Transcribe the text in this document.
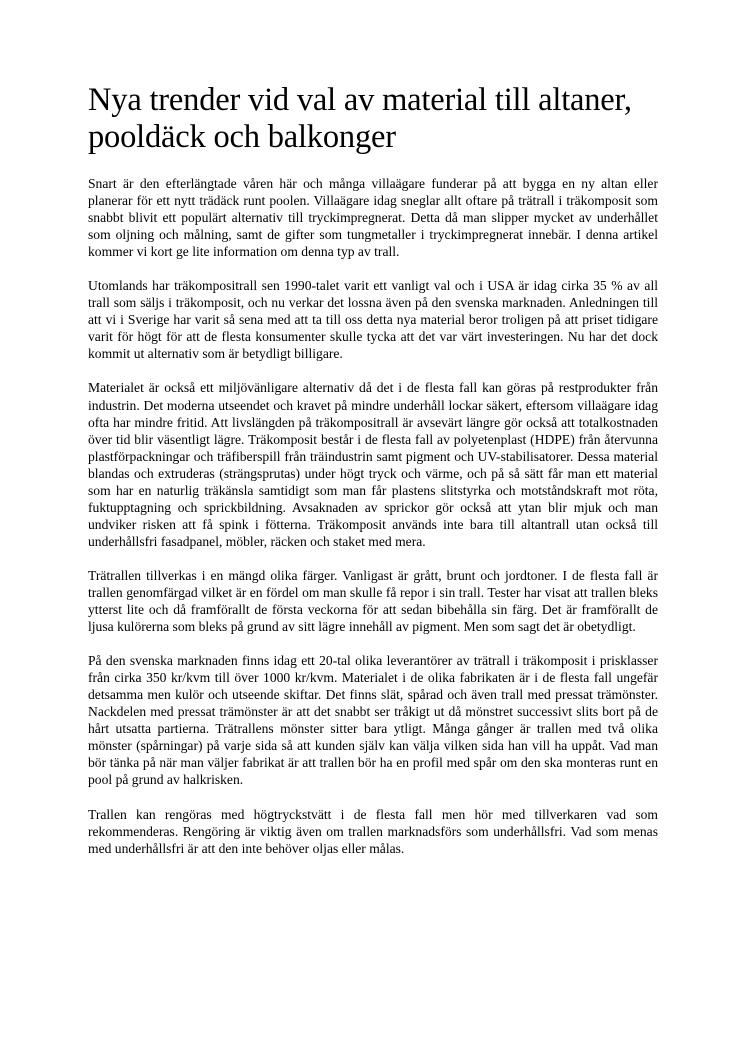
Nya trender vid val av material till altaner, pooldäck och balkonger

Snart är den efterlängtade våren här och många villaägare funderar på att bygga en ny altan eller planerar för ett nytt trädäck runt poolen. Villaägare idag sneglar allt oftare på trätrall i träkomposit som snabbt blivit ett populärt alternativ till tryckimpregnerat. Detta då man slipper mycket av underhållet som oljning och målning, samt de gifter som tungmetaller i tryckimpregnerat innebär. I denna artikel kommer vi kort ge lite information om denna typ av trall.

Utomlands har träkompositrall sen 1990-talet varit ett vanligt val och i USA är idag cirka 35 % av all trall som säljs i träkomposit, och nu verkar det lossna även på den svenska marknaden. Anledningen till att vi i Sverige har varit så sena med att ta till oss detta nya material beror troligen på att priset tidigare varit för högt för att de flesta konsumenter skulle tycka att det var värt investeringen. Nu har det dock kommit ut alternativ som är betydligt billigare.

Materialet är också ett miljövänligare alternativ då det i de flesta fall kan göras på restprodukter från industrin. Det moderna utseendet och kravet på mindre underhåll lockar säkert, eftersom villaägare idag ofta har mindre fritid. Att livslängden på träkompositrall är avsevärt längre gör också att totalkostnaden över tid blir väsentligt lägre. Träkomposit består i de flesta fall av polyetenplast (HDPE) från återvunna plastförpackningar och träfiberspill från träindustrin samt pigment och UV-stabilisatorer. Dessa material blandas och extruderas (strängsprutas) under högt tryck och värme, och på så sätt får man ett material som har en naturlig träkänsla samtidigt som man får plastens slitstyrka och motståndskraft mot röta, fuktupptagning och sprickbildning. Avsaknaden av sprickor gör också att ytan blir mjuk och man undviker risken att få spink i fötterna. Träkomposit används inte bara till altantrall utan också till underhållsfri fasadpanel, möbler, räcken och staket med mera.

Trätrallen tillverkas i en mängd olika färger. Vanligast är grått, brunt och jordtoner. I de flesta fall är trallen genomfärgad vilket är en fördel om man skulle få repor i sin trall. Tester har visat att trallen bleks ytterst lite och då framförallt de första veckorna för att sedan bibehålla sin färg. Det är framförallt de ljusa kulörerna som bleks på grund av sitt lägre innehåll av pigment. Men som sagt det är obetydligt.

På den svenska marknaden finns idag ett 20-tal olika leverantörer av trätrall i träkomposit i prisklasser från cirka 350 kr/kvm till över 1000 kr/kvm. Materialet i de olika fabrikaten är i de flesta fall ungefär detsamma men kulör och utseende skiftar. Det finns slät, spårad och även trall med pressat trämönster. Nackdelen med pressat trämönster är att det snabbt ser tråkigt ut då mönstret successivt slits bort på de hårt utsatta partierna. Trätrallens mönster sitter bara ytligt. Många gånger är trallen med två olika mönster (spårningar) på varje sida så att kunden själv kan välja vilken sida han vill ha uppåt. Vad man bör tänka på när man väljer fabrikat är att trallen bör ha en profil med spår om den ska monteras runt en pool på grund av halkrisken.

Trallen kan rengöras med högtryckstvätt i de flesta fall men hör med tillverkaren vad som rekommenderas. Rengöring är viktig även om trallen marknadsförs som underhållsfri. Vad som menas med underhållsfri är att den inte behöver oljas eller målas.
